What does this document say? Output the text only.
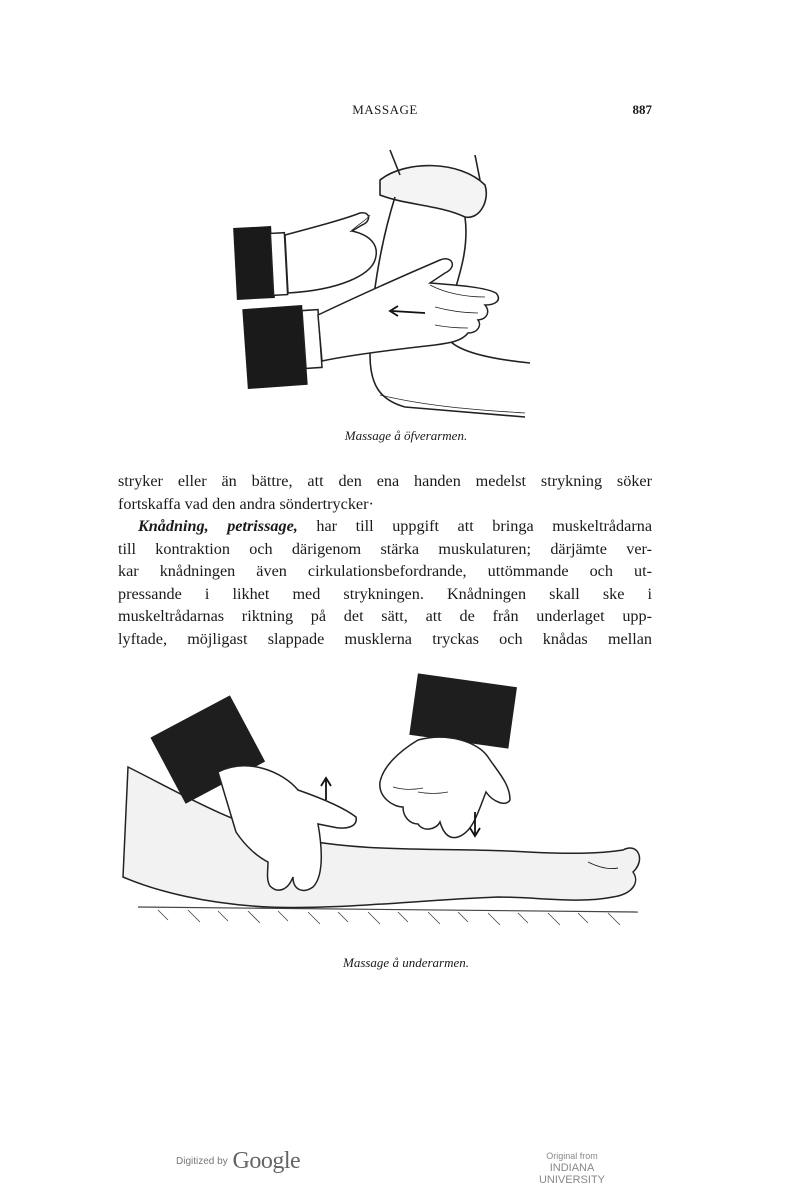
MASSAGE	887
Massage å öfverarmen.
stryker eller än bättre, att den ena handen medelst strykning söker
fortskaffa vad den andra söndertrycker·
Knådning, petrissage, har till uppgift att bringa muskeltrådarna
till kontraktion och därigenom stärka muskulaturen; därjämte ver-
kar knådningen även cirkulationsbefordrande, uttömmande och ut-
pressande i likhet med strykningen. Knådningen skall ske i
muskeltrådarnas riktning på det sätt, att de från underlaget upp-
lyftade, möjligast slappade musklerna tryckas och knådas mellan
Massage å underarmen.
Digitized by Google	Original from
INDIANA UNIVERSITY
